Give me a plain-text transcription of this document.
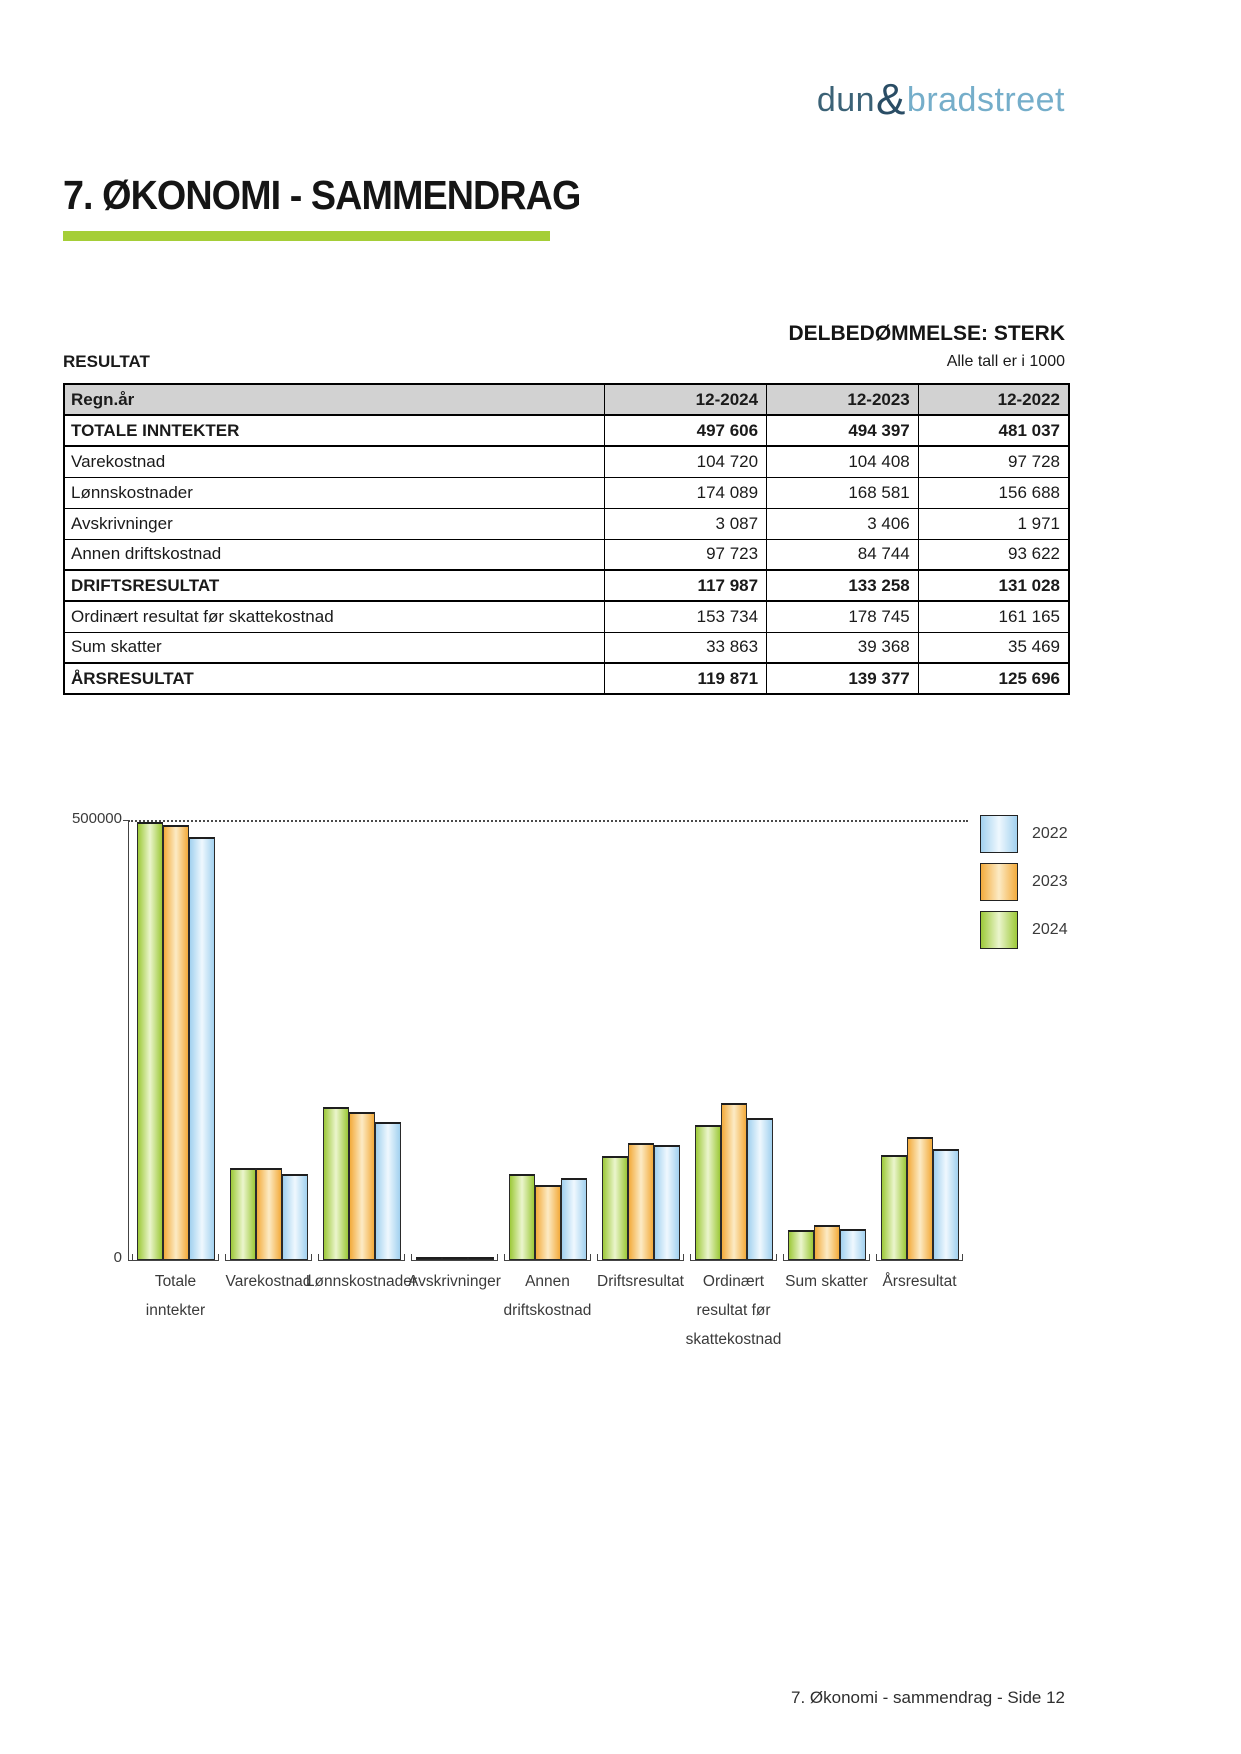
dun&bradstreet
7. ØKONOMI - SAMMENDRAG
DELBEDØMMELSE: STERK
RESULTAT	Alle tall er i 1000
Regn.år	12-2024	12-2023	12-2022
TOTALE INNTEKTER	497 606	494 397	481 037
Varekostnad	104 720	104 408	97 728
Lønnskostnader	174 089	168 581	156 688
Avskrivninger	3 087	3 406	1 971
Annen driftskostnad	97 723	84 744	93 622
DRIFTSRESULTAT	117 987	133 258	131 028
Ordinært resultat før skattekostnad	153 734	178 745	161 165
Sum skatter	33 863	39 368	35 469
ÅRSRESULTAT	119 871	139 377	125 696
500000
0
Totale
inntekter
Varekostnad
Lønnskostnader
Avskrivninger	Annen
driftskostnad
Driftsresultat	Ordinært
resultat før
skattekostnad
Sum skatter Årsresultat
2022
2023
2024
7. Økonomi - sammendrag - Side 12
